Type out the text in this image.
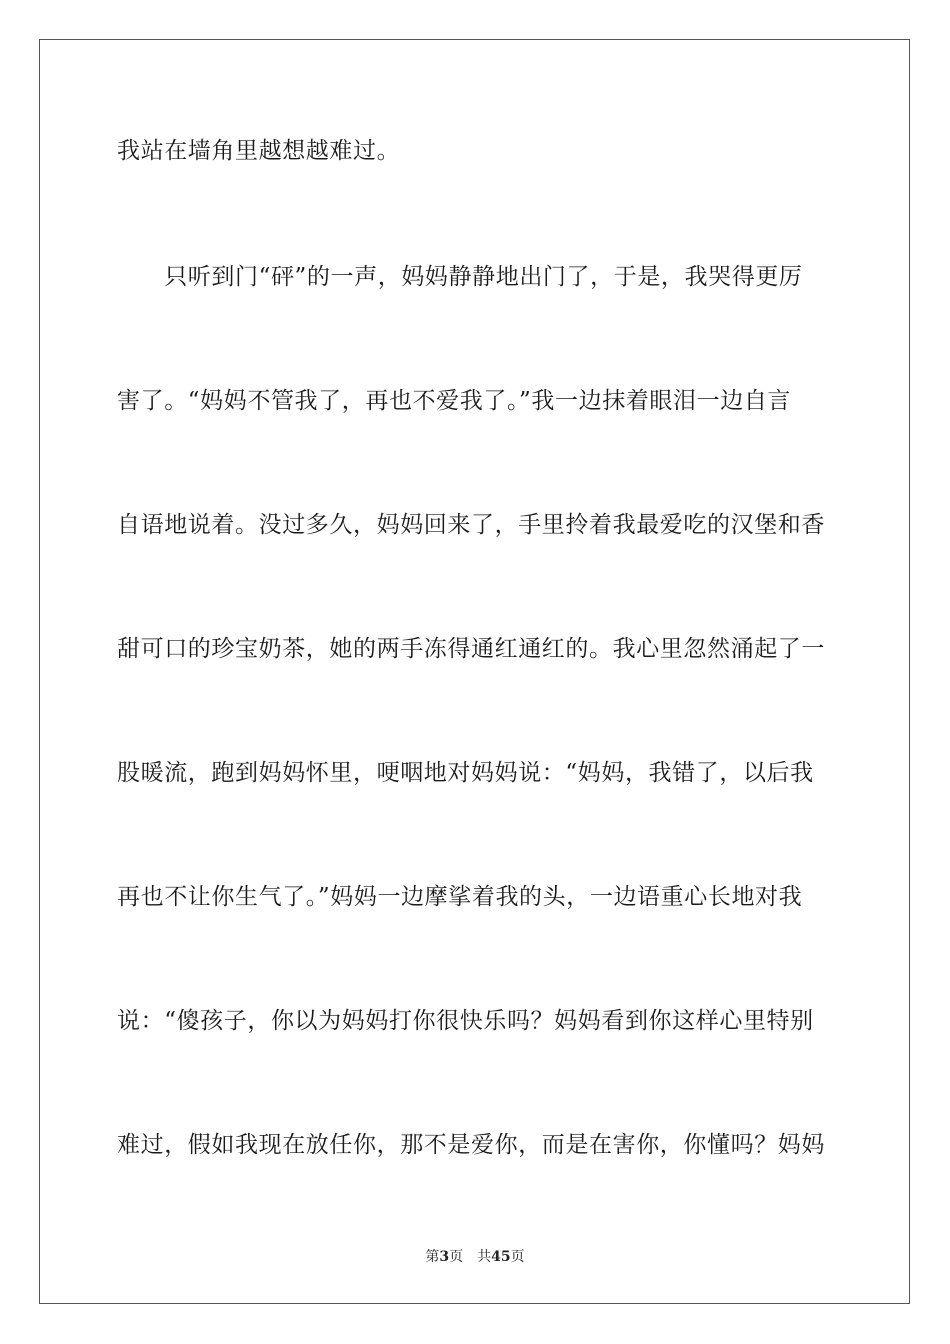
我站在墙角里越想越难过。
　　只听到门“砰”的一声，妈妈静静地出门了，于是，我哭得更厉
害了。“妈妈不管我了，再也不爱我了。”我一边抹着眼泪一边自言
自语地说着。没过多久，妈妈回来了，手里拎着我最爱吃的汉堡和香
甜可口的珍宝奶茶，她的两手冻得通红通红的。我心里忽然涌起了一
股暖流，跑到妈妈怀里，哽咽地对妈妈说：“妈妈，我错了，以后我
再也不让你生气了。”妈妈一边摩挲着我的头，一边语重心长地对我
说：“傻孩子，你以为妈妈打你很快乐吗？妈妈看到你这样心里特别
难过，假如我现在放任你，那不是爱你，而是在害你，你懂吗？妈妈
第3页 共45页
